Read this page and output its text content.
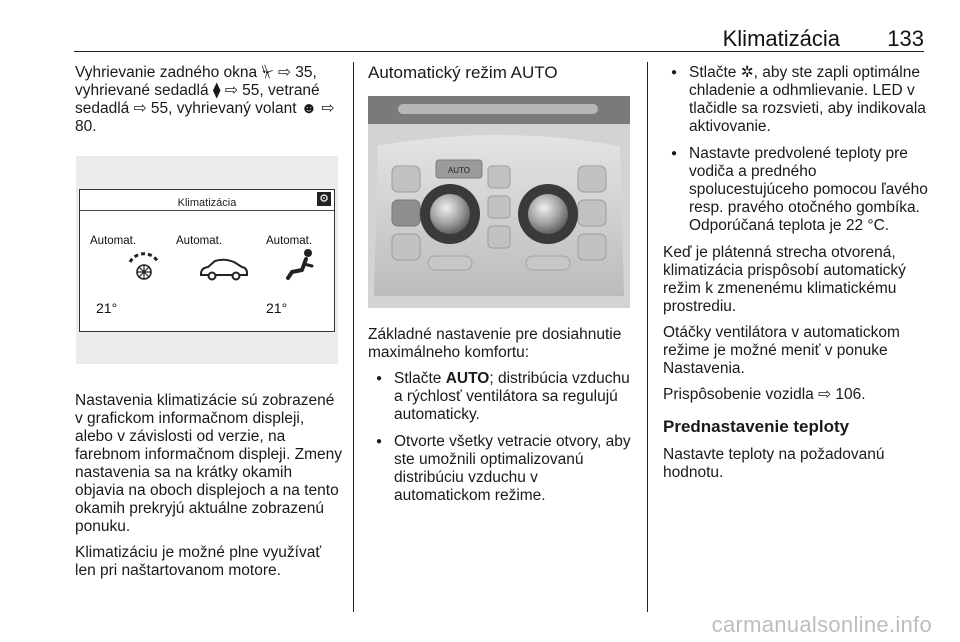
Klimatizácia 133

Vyhrievanie zadného okna ⏧ ⇨ 35, vyhrievané sedadlá ⧫ ⇨ 55, vetrané sedadlá ⇨ 55, vyhrievaný volant ☻ ⇨ 80.

Klimatizácia	⚙
Automat.	Automat.	Automat.
21°	21°

Nastavenia klimatizácie sú zobrazené v grafickom informačnom displeji, alebo v závislosti od verzie, na farebnom informačnom displeji. Zmeny nastavenia sa na krátky okamih objavia na oboch displejoch a na tento okamih prekryjú aktuálne zobrazenú ponuku.

Klimatizáciu je možné plne využívať len pri naštartovanom motore.

Automatický režim AUTO
AUTO

Základné nastavenie pre dosiahnutie maximálneho komfortu:

● Stlačte AUTO; distribúcia vzduchu a rýchlosť ventilátora sa regulujú automaticky.
● Otvorte všetky vetracie otvory, aby ste umožnili optimalizovanú distribúciu vzduchu v automatickom režime.
● Stlačte ✲, aby ste zapli optimálne chladenie a odhmlievanie. LED v tlačidle sa rozsvieti, aby indikovala aktivovanie.
● Nastavte predvolené teploty pre vodiča a predného spolucestujúceho pomocou ľavého resp. pravého otočného gombíka. Odporúčaná teplota je 22 °C.

Keď je plátenná strecha otvorená, klimatizácia prispôsobí automatický režim k zmenenému klimatickému prostrediu.

Otáčky ventilátora v automatickom režime je možné meniť v ponuke Nastavenia.

Prispôsobenie vozidla ⇨ 106.

Prednastavenie teploty

Nastavte teploty na požadovanú hodnotu.

carmanualsonline.info
